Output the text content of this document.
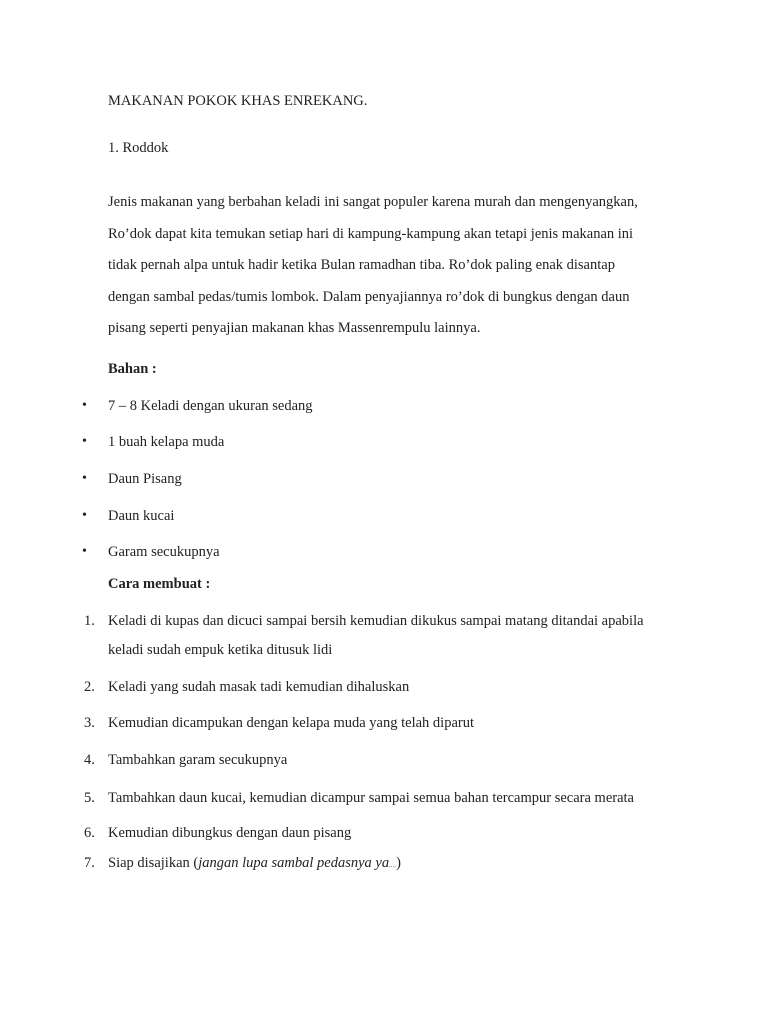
MAKANAN POKOK KHAS ENREKANG.
1. Roddok
Jenis makanan yang berbahan keladi ini sangat populer karena murah dan mengenyangkan,
Ro’dok dapat kita temukan setiap hari di kampung-kampung akan tetapi jenis makanan ini
tidak pernah alpa untuk hadir ketika Bulan ramadhan tiba. Ro’dok paling enak disantap
dengan sambal pedas/tumis lombok. Dalam penyajiannya ro’dok di bungkus dengan daun
pisang seperti penyajian makanan khas Massenrempulu lainnya.
Bahan :
• 7 – 8 Keladi dengan ukuran sedang
• 1 buah kelapa muda
• Daun Pisang
• Daun kucai
• Garam secukupnya
Cara membuat :
1. Keladi di kupas dan dicuci sampai bersih kemudian dikukus sampai matang ditandai apabila
keladi sudah empuk ketika ditusuk lidi
2. Keladi yang sudah masak tadi kemudian dihaluskan
3. Kemudian dicampukan dengan kelapa muda yang telah diparut
4. Tambahkan garam secukupnya
5. Tambahkan daun kucai, kemudian dicampur sampai semua bahan tercampur secara merata
6. Kemudian dibungkus dengan daun pisang
7. Siap disajikan (jangan lupa sambal pedasnya ya....)
